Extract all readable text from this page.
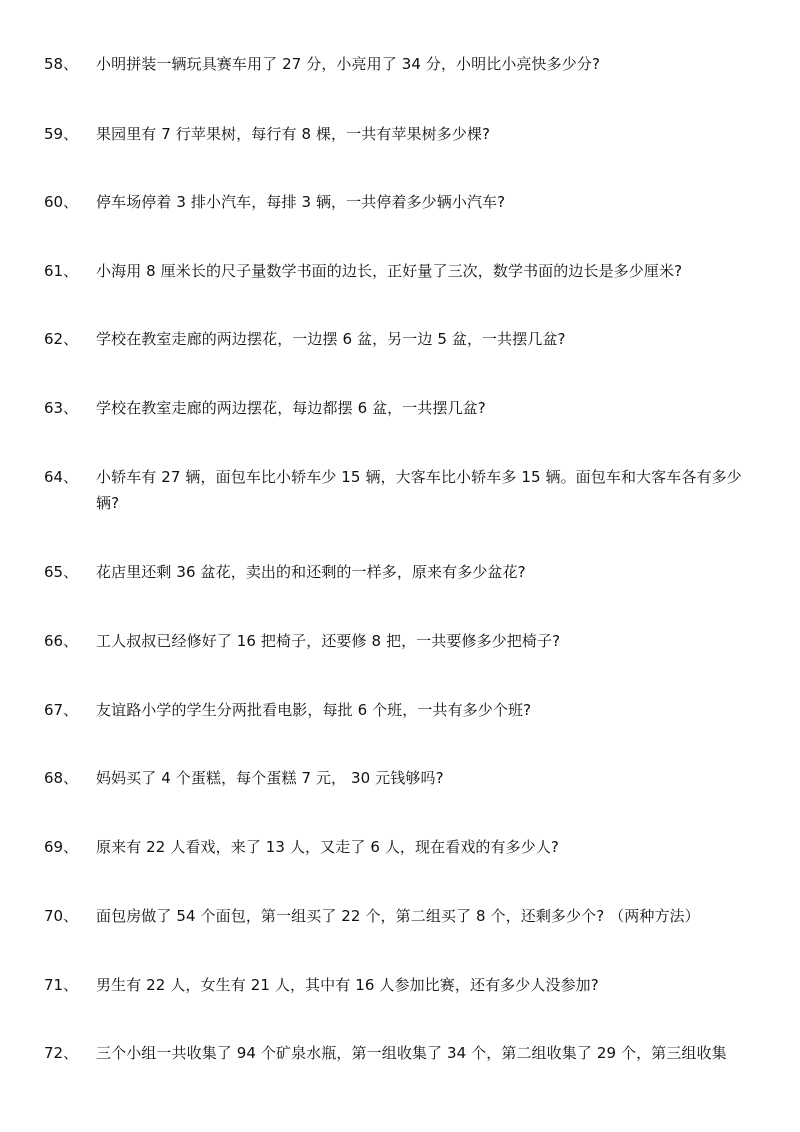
58、 小明拼装一辆玩具赛车用了 27 分，小亮用了 34 分，小明比小亮快多少分?
59、 果园里有 7 行苹果树，每行有 8 棵，一共有苹果树多少棵?
60、 停车场停着 3 排小汽车，每排 3 辆，一共停着多少辆小汽车?
61、 小海用 8 厘米长的尺子量数学书面的边长，正好量了三次，数学书面的边长是多少厘米?
62、 学校在教室走廊的两边摆花，一边摆 6 盆，另一边 5 盆，一共摆几盆?
63、 学校在教室走廊的两边摆花，每边都摆 6 盆，一共摆几盆?
64、 小轿车有 27 辆，面包车比小轿车少 15 辆，大客车比小轿车多 15 辆。面包车和大客车各有多少辆?
65、 花店里还剩 36 盆花，卖出的和还剩的一样多，原来有多少盆花?
66、 工人叔叔已经修好了 16 把椅子，还要修 8 把，一共要修多少把椅子?
67、 友谊路小学的学生分两批看电影，每批 6 个班，一共有多少个班?
68、 妈妈买了 4 个蛋糕，每个蛋糕 7 元， 30 元钱够吗?
69、 原来有 22 人看戏，来了 13 人，又走了 6 人，现在看戏的有多少人?
70、 面包房做了 54 个面包，第一组买了 22 个，第二组买了 8 个，还剩多少个? （两种方法）
71、 男生有 22 人，女生有 21 人，其中有 16 人参加比赛，还有多少人没参加?
72、 三个小组一共收集了 94 个矿泉水瓶，第一组收集了 34 个，第二组收集了 29 个，第三组收集
